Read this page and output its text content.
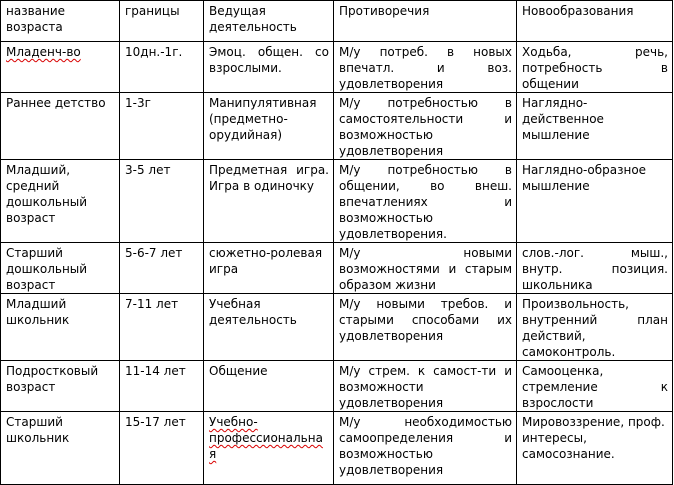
название возраста	границы	Ведущая деятельность	Противоречия	Новообразования
Младенч-во	10дн.-1г.	Эмоц. общен. со взрослыми.	М/у потреб. в новых впечатл. и воз. удовлетворения	Ходьба, речь, потребность в общении
Раннее детство	1-3г	Манипулятивная (предметно-орудийная)	М/у потребностью в самостоятельности и возможностью удовлетворения	Наглядно-действенное мышление
Младший, средний дошкольный возраст	3-5 лет	Предметная игра. Игра в одиночку	М/у потребностью в общении, во внеш. впечатлениях и возможностью удовлетворения.	Наглядно-образное мышление
Старший дошкольный возраст	5-6-7 лет	сюжетно-ролевая игра	М/у новыми возможностями и старым образом жизни	слов.-лог. мыш., внутр. позиция. школьника
Младший школьник	7-11 лет	Учебная деятельность	М/у новыми требов. и старыми способами их удовлетворения	Произвольность, внутренний план действий, самоконтроль.
Подростковый возраст	11-14 лет	Общение	М/у стрем. к самост-ти и возможности удовлетворения	Самооценка, стремление к взрослости
Старший школьник	15-17 лет	Учебно-профессиональная	М/у необходимостью самоопределения и возможностью удовлетворения	Мировоззрение, проф. интересы, самосознание.
